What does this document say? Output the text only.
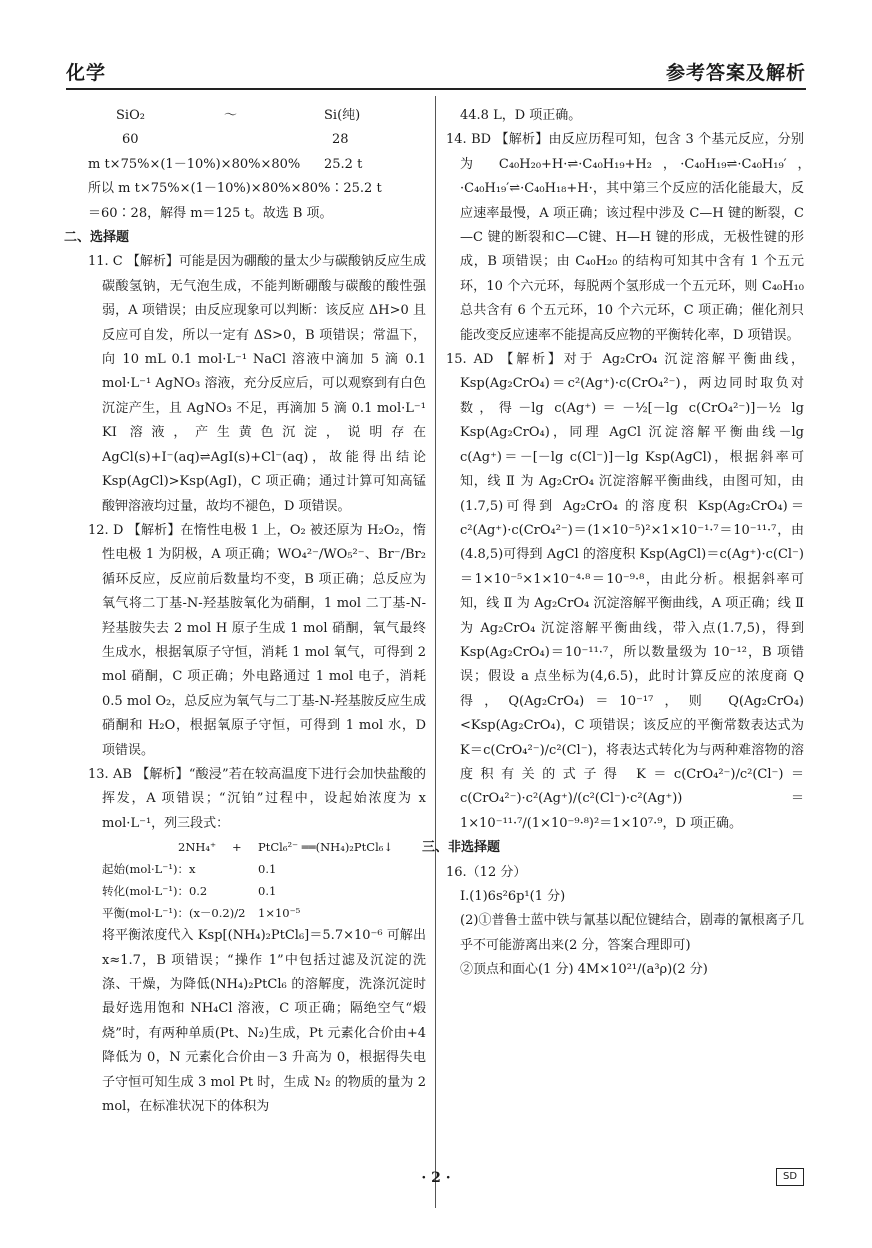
化学	参考答案及解析
SiO₂	～	Si(纯)
60	28
m t×75%×(1－10%)×80%×80%	25.2 t

所以 m t×75%×(1－10%)×80%×80%∶25.2 t

＝60∶28，解得 m＝125 t。故选 B 项。

二、选择题

11. C 【解析】可能是因为硼酸的量太少与碳酸钠反应生成碳酸氢钠，无气泡生成，不能判断硼酸与碳酸的酸性强弱，A 项错误；由反应现象可以判断：该反应 ΔH>0 且反应可自发，所以一定有 ΔS>0，B 项错误；常温下，向 10 mL 0.1 mol·L⁻¹ NaCl 溶液中滴加 5 滴 0.1 mol·L⁻¹ AgNO₃ 溶液，充分反应后，可以观察到有白色沉淀产生，且 AgNO₃ 不足，再滴加 5 滴 0.1 mol·L⁻¹ KI 溶液，产生黄色沉淀，说明存在 AgCl(s)+I⁻(aq)⇌AgI(s)+Cl⁻(aq)，故能得出结论 Ksp(AgCl)>Ksp(AgI)，C 项正确；通过计算可知高锰酸钾溶液均过量，故均不褪色，D 项错误。

12. D 【解析】在惰性电极 1 上，O₂ 被还原为 H₂O₂，惰性电极 1 为阴极，A 项正确；WO₄²⁻/WO₅²⁻、Br⁻/Br₂ 循环反应，反应前后数量均不变，B 项正确；总反应为氧气将二丁基-N-羟基胺氧化为硝酮，1 mol 二丁基-N-羟基胺失去 2 mol H 原子生成 1 mol 硝酮，氧气最终生成水，根据氧原子守恒，消耗 1 mol 氧气，可得到 2 mol 硝酮，C 项正确；外电路通过 1 mol 电子，消耗 0.5 mol O₂，总反应为氧气与二丁基-N-羟基胺反应生成硝酮和 H₂O，根据氧原子守恒，可得到 1 mol 水，D 项错误。

13. AB 【解析】“酸浸”若在较高温度下进行会加快盐酸的挥发，A 项错误；“沉铂”过程中，设起始浓度为 x mol·L⁻¹，列三段式：

2NH₄⁺	+	PtCl₆²⁻ ══(NH₄)₂PtCl₆↓
起始(mol·L⁻¹)：x	0.1
转化(mol·L⁻¹)：0.2	0.1
平衡(mol·L⁻¹)：(x－0.2)/2	1×10⁻⁵

将平衡浓度代入 Ksp[(NH₄)₂PtCl₆]＝5.7×10⁻⁶ 可解出 x≈1.7，B 项错误；“操作 1”中包括过滤及沉淀的洗涤、干燥，为降低(NH₄)₂PtCl₆ 的溶解度，洗涤沉淀时最好选用饱和 NH₄Cl 溶液，C 项正确；隔绝空气“煅烧”时，有两种单质(Pt、N₂)生成，Pt 元素化合价由+4 降低为 0，N 元素化合价由－3 升高为 0，根据得失电子守恒可知生成 3 mol Pt 时，生成 N₂ 的物质的量为 2 mol，在标准状况下的体积为

44.8 L，D 项正确。

14. BD 【解析】由反应历程可知，包含 3 个基元反应，分别为 C₄₀H₂₀+H·⇌·C₄₀H₁₉+H₂，·C₄₀H₁₉⇌·C₄₀H₁₉′，·C₄₀H₁₉′⇌·C₄₀H₁₈+H·，其中第三个反应的活化能最大，反应速率最慢，A 项正确；该过程中涉及 C—H 键的断裂，C—C 键的断裂和C—C键、H—H 键的形成，无极性键的形成，B 项错误；由 C₄₀H₂₀ 的结构可知其中含有 1 个五元环，10 个六元环，每脱两个氢形成一个五元环，则 C₄₀H₁₀ 总共含有 6 个五元环，10 个六元环，C 项正确；催化剂只能改变反应速率不能提高反应物的平衡转化率，D 项错误。

15. AD 【解析】对于 Ag₂CrO₄ 沉淀溶解平衡曲线，Ksp(Ag₂CrO₄)＝c²(Ag⁺)·c(CrO₄²⁻)，两边同时取负对数，得－lg c(Ag⁺)＝－½[－lg c(CrO₄²⁻)]－½ lg Ksp(Ag₂CrO₄)，同理 AgCl 沉淀溶解平衡曲线－lg c(Ag⁺)＝－[－lg c(Cl⁻)]－lg Ksp(AgCl)，根据斜率可知，线 Ⅱ 为 Ag₂CrO₄ 沉淀溶解平衡曲线，由图可知，由(1.7,5)可得到 Ag₂CrO₄ 的溶度积 Ksp(Ag₂CrO₄)＝c²(Ag⁺)·c(CrO₄²⁻)＝(1×10⁻⁵)²×1×10⁻¹·⁷＝10⁻¹¹·⁷，由(4.8,5)可得到 AgCl 的溶度积 Ksp(AgCl)＝c(Ag⁺)·c(Cl⁻)＝1×10⁻⁵×1×10⁻⁴·⁸＝10⁻⁹·⁸，由此分析。根据斜率可知，线 Ⅱ 为 Ag₂CrO₄ 沉淀溶解平衡曲线，A 项正确；线 Ⅱ 为 Ag₂CrO₄ 沉淀溶解平衡曲线，带入点(1.7,5)，得到 Ksp(Ag₂CrO₄)＝10⁻¹¹·⁷，所以数量级为 10⁻¹²，B 项错误；假设 a 点坐标为(4,6.5)，此时计算反应的浓度商 Q 得，Q(Ag₂CrO₄)＝10⁻¹⁷，则 Q(Ag₂CrO₄)<Ksp(Ag₂CrO₄)，C 项错误；该反应的平衡常数表达式为 K＝c(CrO₄²⁻)/c²(Cl⁻)，将表达式转化为与两种难溶物的溶度积有关的式子得 K＝c(CrO₄²⁻)/c²(Cl⁻)＝c(CrO₄²⁻)·c²(Ag⁺)/(c²(Cl⁻)·c²(Ag⁺))＝1×10⁻¹¹·⁷/(1×10⁻⁹·⁸)²＝1×10⁷·⁹，D 项正确。

三、非选择题

16.（12 分）

Ⅰ.(1)6s²6p¹(1 分)

(2)①普鲁士蓝中铁与氰基以配位键结合，剧毒的氰根离子几乎不可能游离出来(2 分，答案合理即可)

②顶点和面心(1 分) 4M×10²¹/(a³ρ)(2 分)

· 2 ·	SD
